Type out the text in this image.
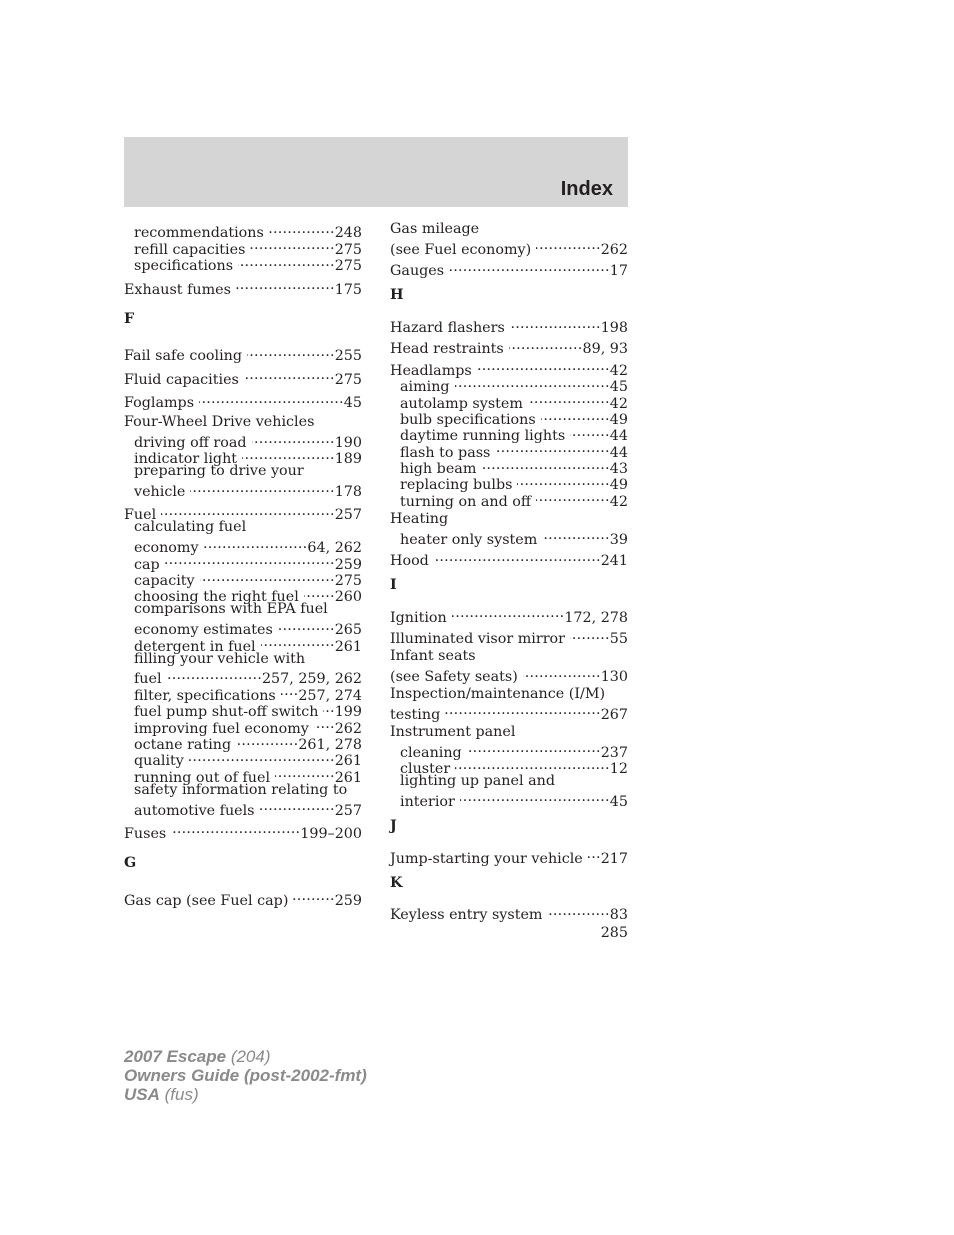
Index
recommendations .....	248
refill capacities .....	275
specifications .....	275
Exhaust fumes .....	175
F
Fail safe cooling .....	255
Fluid capacities .....	275
Foglamps .....	45
Four-Wheel Drive vehicles
driving off road .....	190
indicator light .....	189
preparing to drive your
vehicle .....	178
Fuel .....	257
calculating fuel
economy .....	64, 262
cap .....	259
capacity .....	275
choosing the right fuel .....	260
comparisons with EPA fuel
economy estimates .....	265
detergent in fuel .....	261
filling your vehicle with
fuel .....	257, 259, 262
filter, specifications .....	257, 274
fuel pump shut-off switch .....	199
improving fuel economy .....	262
octane rating .....	261, 278
quality .....	261
running out of fuel .....	261
safety information relating to
automotive fuels .....	257
Fuses .....	199–200
G
Gas cap (see Fuel cap) .....	259
Gas mileage
(see Fuel economy) .....	262
Gauges .....	17
H
Hazard flashers .....	198
Head restraints .....	89, 93
Headlamps .....	42
aiming .....	45
autolamp system .....	42
bulb specifications .....	49
daytime running lights .....	44
flash to pass .....	44
high beam .....	43
replacing bulbs .....	49
turning on and off .....	42
Heating
heater only system .....	39
Hood .....	241
I
Ignition .....	172, 278
Illuminated visor mirror .....	55
Infant seats
(see Safety seats) .....	130
Inspection/maintenance (I/M)
testing .....	267
Instrument panel
cleaning .....	237
cluster .....	12
lighting up panel and
interior .....	45
J
Jump-starting your vehicle .....	217
K
Keyless entry system .....	83
285
2007 Escape (204)
Owners Guide (post-2002-fmt)
USA (fus)
